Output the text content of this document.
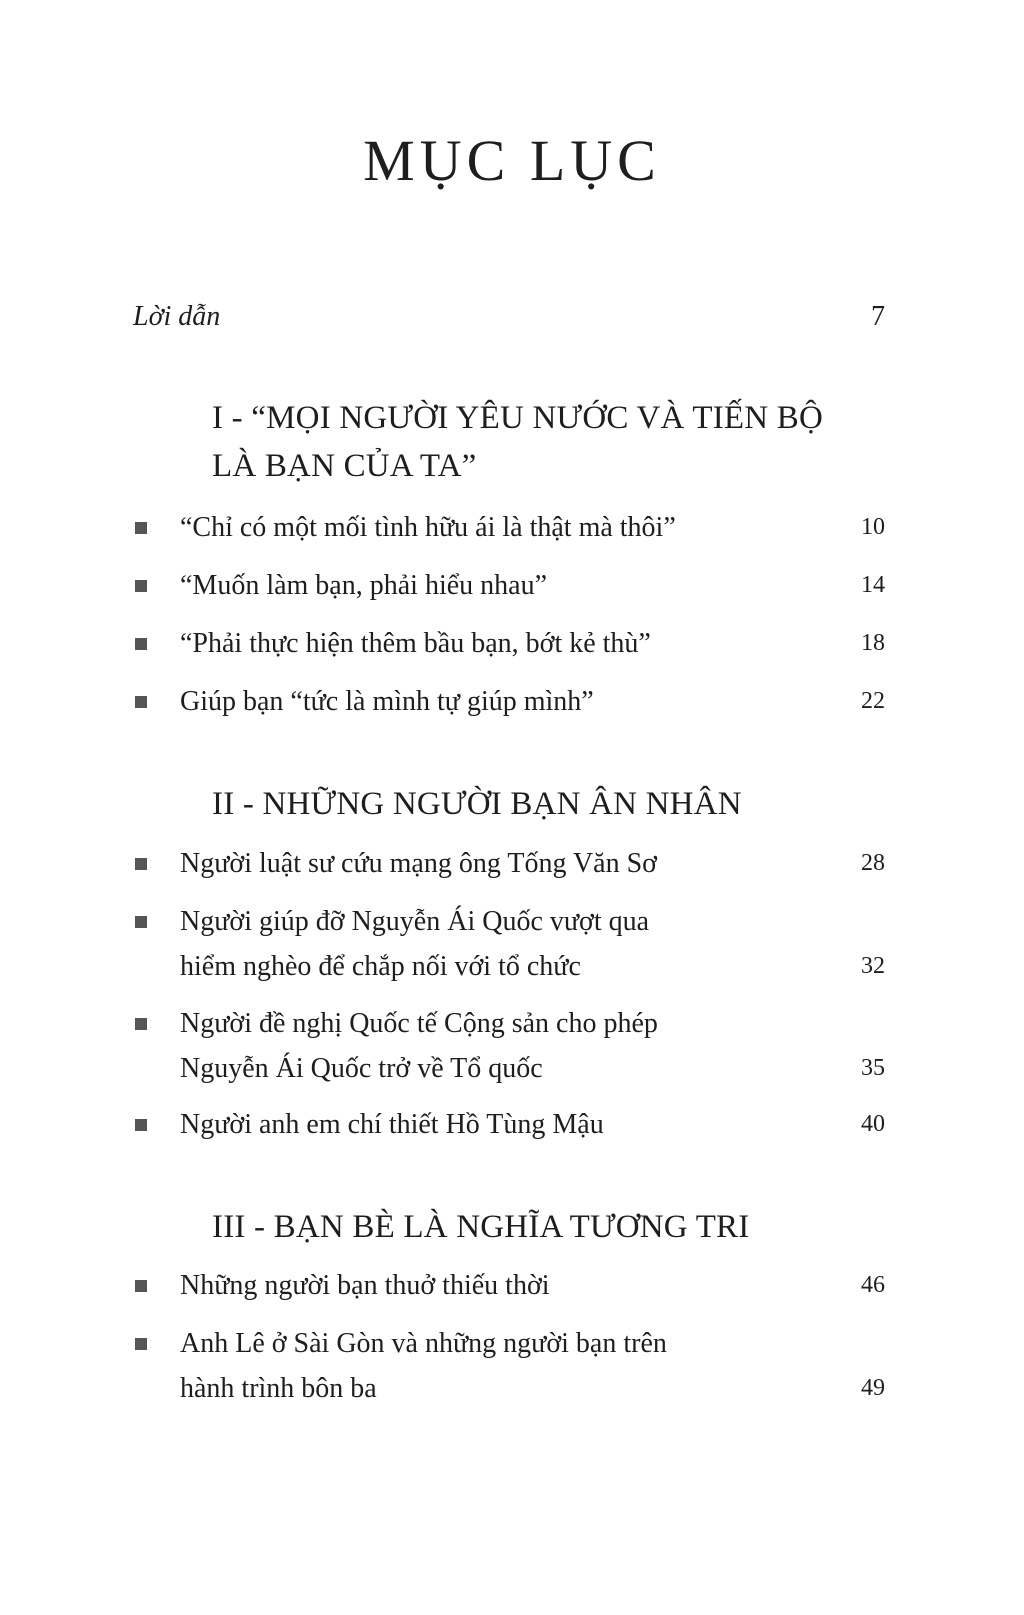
MỤC LỤC
Lời dẫn	7
I - “MỌI NGƯỜI YÊU NƯỚC VÀ TIẾN BỘ
LÀ BẠN CỦA TA”
“Chỉ có một mối tình hữu ái là thật mà thôi”	10
“Muốn làm bạn, phải hiểu nhau”	14
“Phải thực hiện thêm bầu bạn, bớt kẻ thù”	18
Giúp bạn “tức là mình tự giúp mình”	22
II - NHỮNG NGƯỜI BẠN ÂN NHÂN
Người luật sư cứu mạng ông Tống Văn Sơ	28
Người giúp đỡ Nguyễn Ái Quốc vượt qua
hiểm nghèo để chắp nối với tổ chức	32
Người đề nghị Quốc tế Cộng sản cho phép
Nguyễn Ái Quốc trở về Tổ quốc	35
Người anh em chí thiết Hồ Tùng Mậu	40
III - BẠN BÈ LÀ NGHĨA TƯƠNG TRI
Những người bạn thuở thiếu thời	46
Anh Lê ở Sài Gòn và những người bạn trên
hành trình bôn ba	49
